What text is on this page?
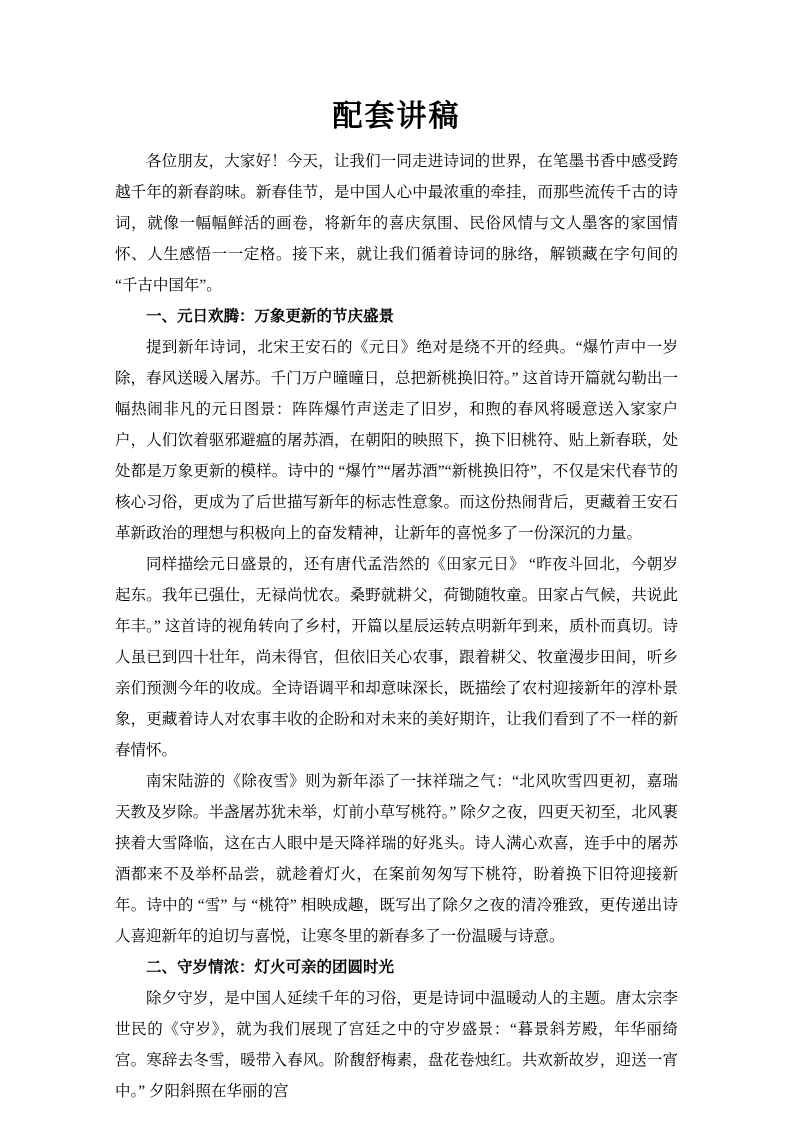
配套讲稿

各位朋友，大家好！今天，让我们一同走进诗词的世界，在笔墨书香中感受跨越千年的新春韵味。新春佳节，是中国人心中最浓重的牵挂，而那些流传千古的诗词，就像一幅幅鲜活的画卷，将新年的喜庆氛围、民俗风情与文人墨客的家国情怀、人生感悟一一定格。接下来，就让我们循着诗词的脉络，解锁藏在字句间的 “千古中国年”。

一、元日欢腾：万象更新的节庆盛景

提到新年诗词，北宋王安石的《元日》绝对是绕不开的经典。“爆竹声中一岁除，春风送暖入屠苏。千门万户曈曈日，总把新桃换旧符。” 这首诗开篇就勾勒出一幅热闹非凡的元日图景：阵阵爆竹声送走了旧岁，和煦的春风将暖意送入家家户户，人们饮着驱邪避瘟的屠苏酒，在朝阳的映照下，换下旧桃符、贴上新春联，处处都是万象更新的模样。诗中的 “爆竹”“屠苏酒”“新桃换旧符”，不仅是宋代春节的核心习俗，更成为了后世描写新年的标志性意象。而这份热闹背后，更藏着王安石革新政治的理想与积极向上的奋发精神，让新年的喜悦多了一份深沉的力量。

同样描绘元日盛景的，还有唐代孟浩然的《田家元日》 “昨夜斗回北，今朝岁起东。我年已强仕，无禄尚忧农。桑野就耕父，荷锄随牧童。田家占气候，共说此年丰。” 这首诗的视角转向了乡村，开篇以星辰运转点明新年到来，质朴而真切。诗人虽已到四十壮年，尚未得官，但依旧关心农事，跟着耕父、牧童漫步田间，听乡亲们预测今年的收成。全诗语调平和却意味深长，既描绘了农村迎接新年的淳朴景象，更藏着诗人对农事丰收的企盼和对未来的美好期许，让我们看到了不一样的新春情怀。

南宋陆游的《除夜雪》则为新年添了一抹祥瑞之气：“北风吹雪四更初，嘉瑞天教及岁除。半盏屠苏犹未举，灯前小草写桃符。” 除夕之夜，四更天初至，北风裹挟着大雪降临，这在古人眼中是天降祥瑞的好兆头。诗人满心欢喜，连手中的屠苏酒都来不及举杯品尝，就趁着灯火，在案前匆匆写下桃符，盼着换下旧符迎接新年。诗中的 “雪” 与 “桃符” 相映成趣，既写出了除夕之夜的清冷雅致，更传递出诗人喜迎新年的迫切与喜悦，让寒冬里的新春多了一份温暖与诗意。

二、守岁情浓：灯火可亲的团圆时光

除夕守岁，是中国人延续千年的习俗，更是诗词中温暖动人的主题。唐太宗李世民的《守岁》，就为我们展现了宫廷之中的守岁盛景：“暮景斜芳殿，年华丽绮宫。寒辞去冬雪，暖带入春风。阶馥舒梅素，盘花卷烛红。共欢新故岁，迎送一宵中。” 夕阳斜照在华丽的宫
